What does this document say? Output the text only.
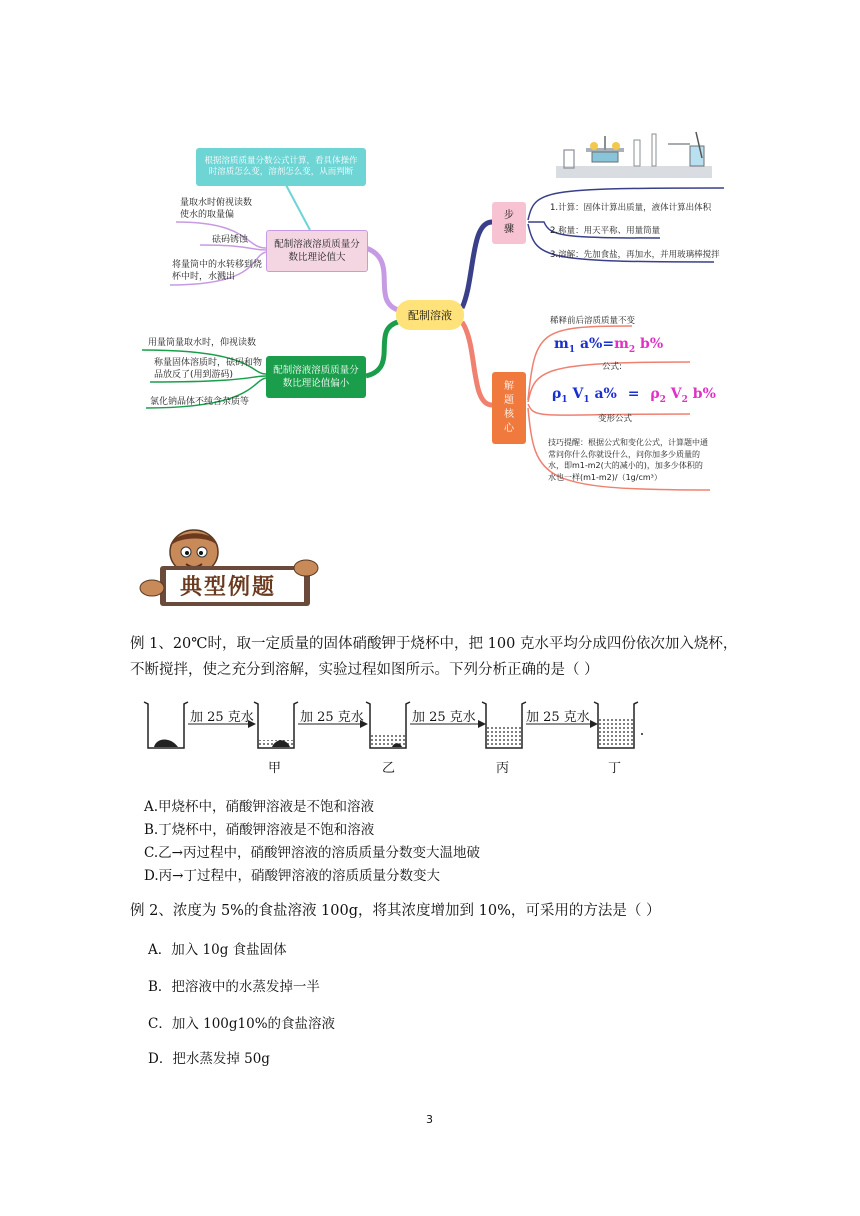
根据溶质质量分数公式计算，看具体操作时溶质怎么变，溶剂怎么变，从而判断
量取水时俯视读数使水的取量偏
砝码锈蚀
将量筒中的水转移到烧杯中时，水溅出
配制溶液溶质质量分数比理论值大
配制溶液
用量筒量取水时，仰视读数
称量固体溶质时，砝码和物品放反了(用到游码)
氯化钠晶体不纯含杂质等
配制溶液溶质质量分数比理论值偏小
步骤
1.计算：固体计算出质量，液体计算出体积
2.称量：用天平称、用量筒量
3.溶解：先加食盐，再加水，并用玻璃棒搅拌
解题核心
稀释前后溶质质量不变
$m_1$ $a\%=m_2$ b%
公式:
$\rho_1$ $V_1$ $a\% = \rho_2$ $V_2$ b%
变形公式
技巧提醒：根据公式和变化公式，计算题中通常问你什么你就设什么，问你加多少质量的水，即m1-m2(大的减小的)，加多少体积的水也一样(m1-m2)/（1g/cm³）
典型例题
例 1、20℃时，取一定质量的固体硝酸钾于烧杯中，把 100 克水平均分成四份依次加入烧杯，
不断搅拌，使之充分到溶解，实验过程如图所示。下列分析正确的是（ ）
加 25 克水	加 25 克水	加 25 克水	加 25 克水
甲	乙	丙	丁
A.甲烧杯中，硝酸钾溶液是不饱和溶液
B.丁烧杯中，硝酸钾溶液是不饱和溶液
C.乙→丙过程中，硝酸钾溶液的溶质质量分数变大温地破
D.丙→丁过程中，硝酸钾溶液的溶质质量分数变大
例 2、浓度为 5%的食盐溶液 100g，将其浓度增加到 10%，可采用的方法是（ ）
A．加入 10g 食盐固体
B．把溶液中的水蒸发掉一半
C．加入 100g10%的食盐溶液
D．把水蒸发掉 50g
3
